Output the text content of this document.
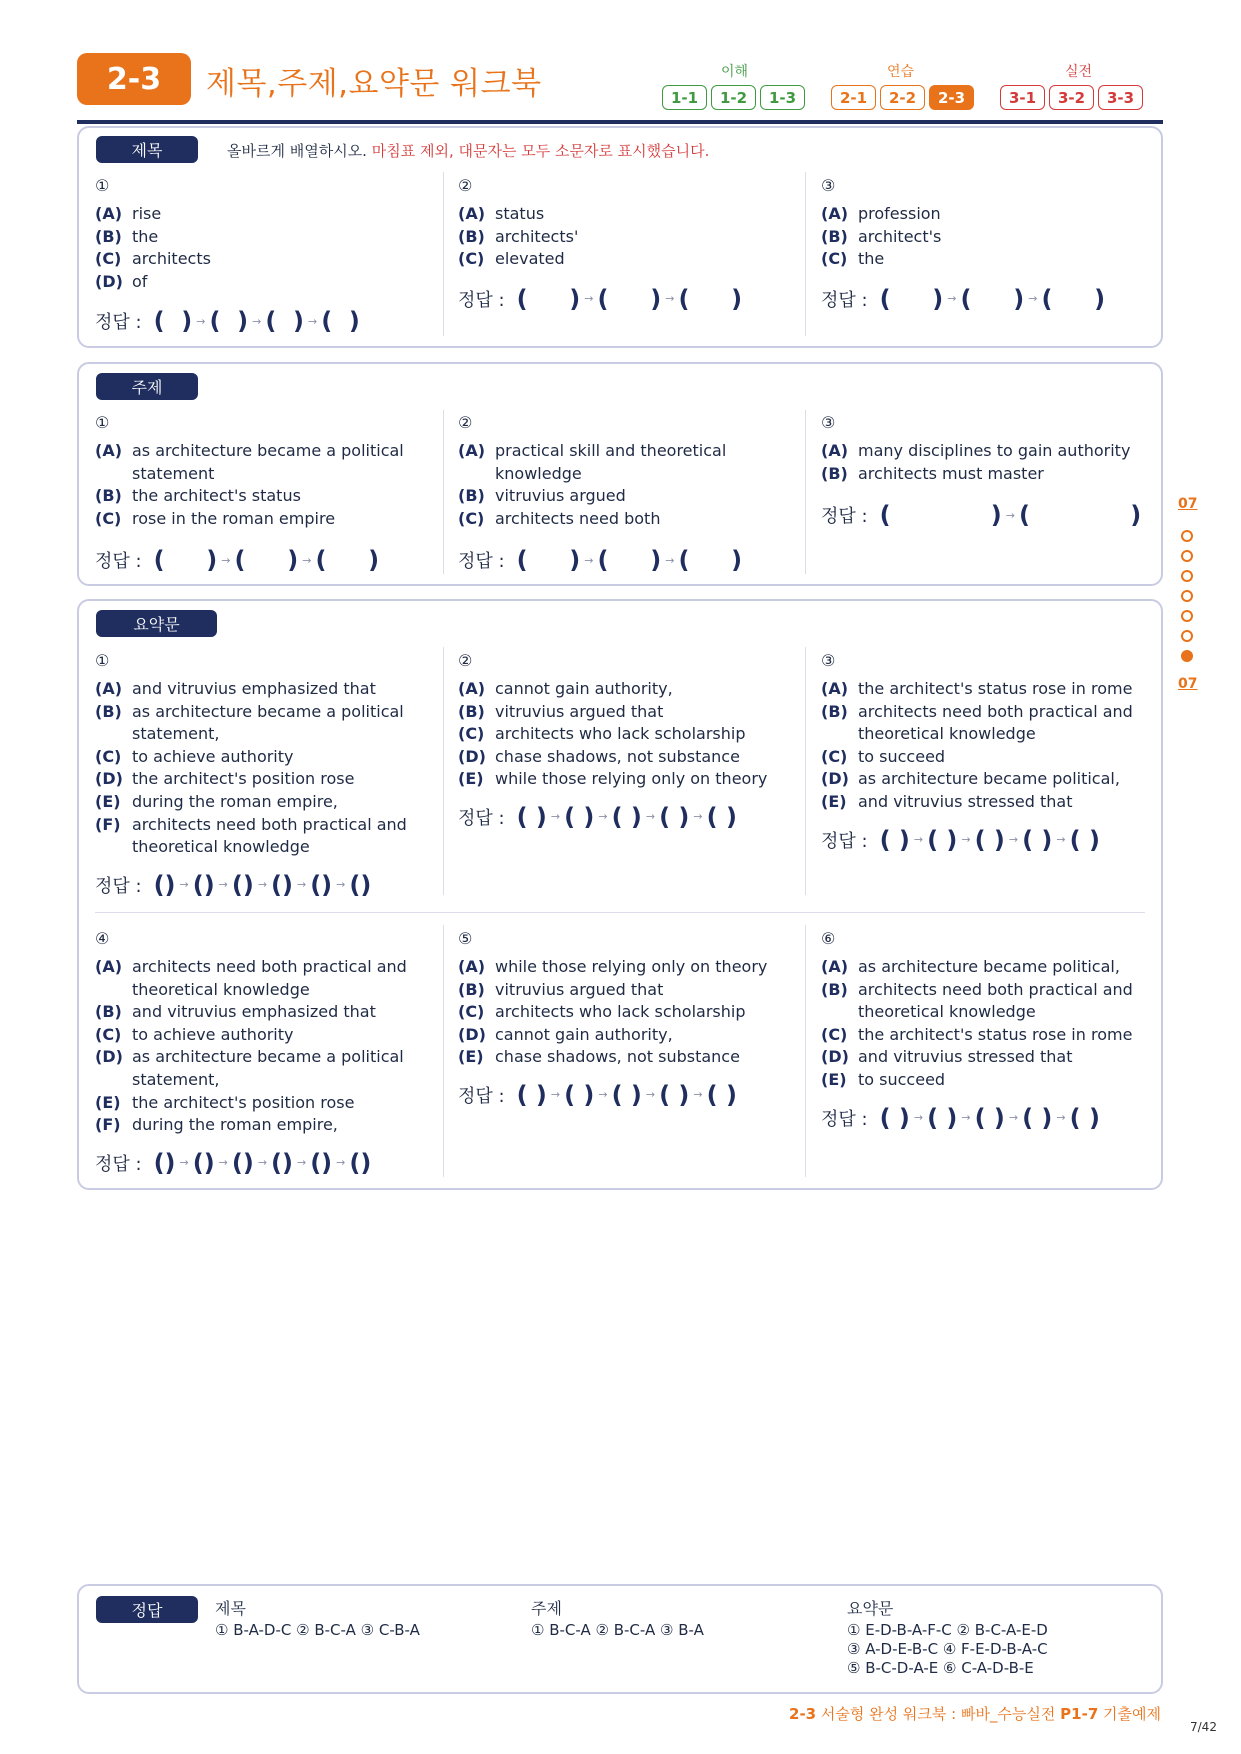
2-3	제목,주제,요약문 워크북	이해	연습	실전
1-1	1-2	1-3	2-1	2-2	2-3	3-1	3-2	3-3
제목	올바르게 배열하시오. 마침표 제외, 대문자는 모두 소문자로 표시했습니다.
①
(A) rise
(B) the
(C) architects
(D) of
정답 : (  ) → (  ) → (  ) → (  )
②
(A) status
(B) architects'
(C) elevated
정답 : (     ) → (     ) → (     )
③
(A) profession
(B) architect's
(C) the
정답 : (     ) → (     ) → (     )
주제
①
(A) as architecture became a political statement
(B) the architect's status
(C) rose in the roman empire
정답 : (     ) → (     ) → (     )
②
(A) practical skill and theoretical knowledge
(B) vitruvius argued
(C) architects need both
정답 : (     ) → (     ) → (     )
③
(A) many disciplines to gain authority
(B) architects must master
정답 : (            ) → (            )
요약문
①
(A) and vitruvius emphasized that
(B) as architecture became a political statement,
(C) to achieve authority
(D) the architect's position rose
(E) during the roman empire,
(F) architects need both practical and theoretical knowledge
정답 : () → () → () → () → () → ()
②
(A) cannot gain authority,
(B) vitruvius argued that
(C) architects who lack scholarship
(D) chase shadows, not substance
(E) while those relying only on theory
정답 : ( ) → ( ) → ( ) → ( ) → ( )
③
(A) the architect's status rose in rome
(B) architects need both practical and theoretical knowledge
(C) to succeed
(D) as architecture became political,
(E) and vitruvius stressed that
정답 : ( ) → ( ) → ( ) → ( ) → ( )
④
(A) architects need both practical and theoretical knowledge
(B) and vitruvius emphasized that
(C) to achieve authority
(D) as architecture became a political statement,
(E) the architect's position rose
(F) during the roman empire,
정답 : () → () → () → () → () → ()
⑤
(A) while those relying only on theory
(B) vitruvius argued that
(C) architects who lack scholarship
(D) cannot gain authority,
(E) chase shadows, not substance
정답 : ( ) → ( ) → ( ) → ( ) → ( )
⑥
(A) as architecture became political,
(B) architects need both practical and theoretical knowledge
(C) the architect's status rose in rome
(D) and vitruvius stressed that
(E) to succeed
정답 : ( ) → ( ) → ( ) → ( ) → ( )
07
07
정답	제목
① B-A-D-C ② B-C-A ③ C-B-A
주제
① B-C-A ② B-C-A ③ B-A
요약문
① E-D-B-A-F-C ② B-C-A-E-D
③ A-D-E-B-C ④ F-E-D-B-A-C
⑤ B-C-D-A-E ⑥ C-A-D-B-E
2-3 서술형 완성 워크북 : 빠바_수능실전 P1-7 기출예제
7/42
